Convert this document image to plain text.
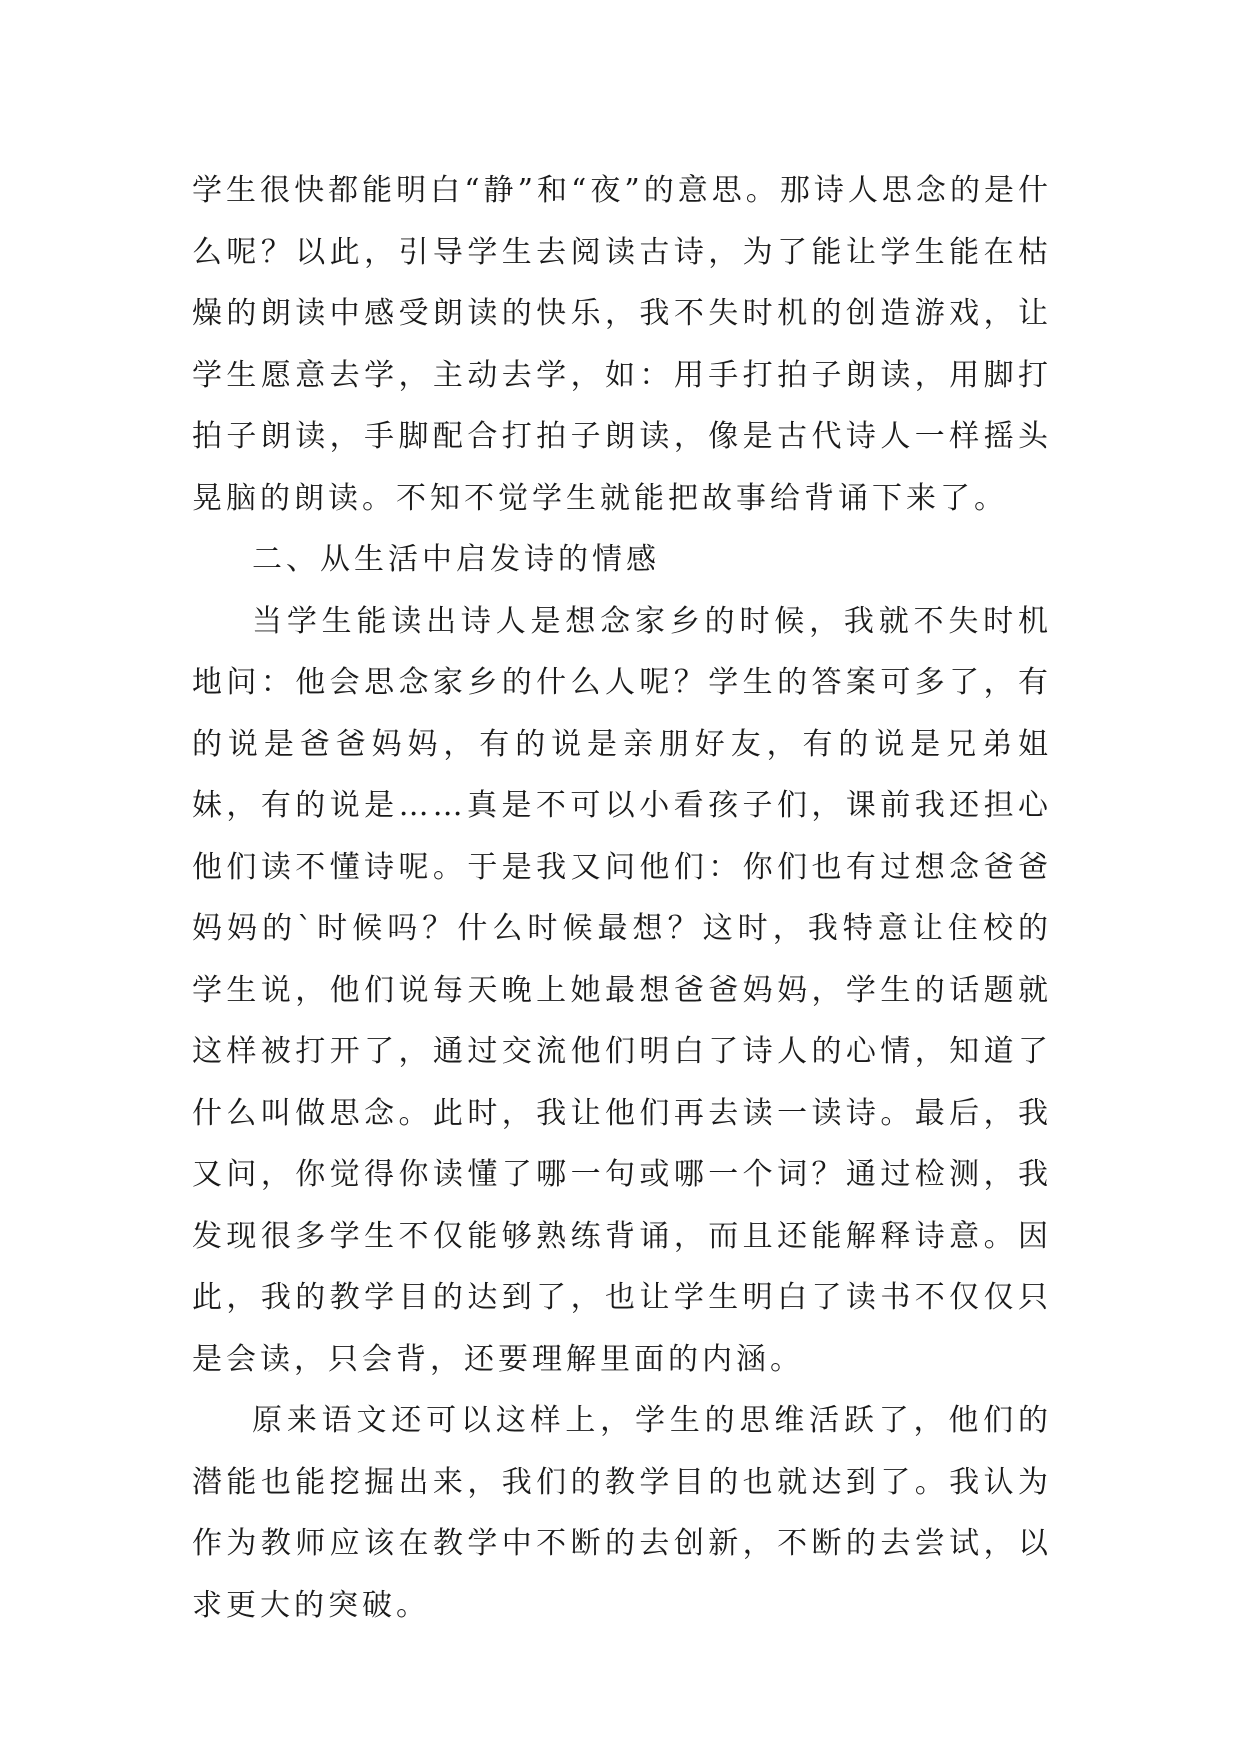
学生很快都能明白“静”和“夜”的意思。那诗人思念的是什么呢？以此，引导学生去阅读古诗，为了能让学生能在枯燥的朗读中感受朗读的快乐，我不失时机的创造游戏，让学生愿意去学，主动去学，如：用手打拍子朗读，用脚打拍子朗读，手脚配合打拍子朗读，像是古代诗人一样摇头晃脑的朗读。不知不觉学生就能把故事给背诵下来了。

二、从生活中启发诗的情感

当学生能读出诗人是想念家乡的时候，我就不失时机地问：他会思念家乡的什么人呢？学生的答案可多了，有的说是爸爸妈妈，有的说是亲朋好友，有的说是兄弟姐妹，有的说是……真是不可以小看孩子们，课前我还担心他们读不懂诗呢。于是我又问他们：你们也有过想念爸爸妈妈的`时候吗？什么时候最想？这时，我特意让住校的学生说，他们说每天晚上她最想爸爸妈妈，学生的话题就这样被打开了，通过交流他们明白了诗人的心情，知道了什么叫做思念。此时，我让他们再去读一读诗。最后，我又问，你觉得你读懂了哪一句或哪一个词？通过检测，我发现很多学生不仅能够熟练背诵，而且还能解释诗意。因此，我的教学目的达到了，也让学生明白了读书不仅仅只是会读，只会背，还要理解里面的内涵。

原来语文还可以这样上，学生的思维活跃了，他们的潜能也能挖掘出来，我们的教学目的也就达到了。我认为作为教师应该在教学中不断的去创新，不断的去尝试，以求更大的突破。
